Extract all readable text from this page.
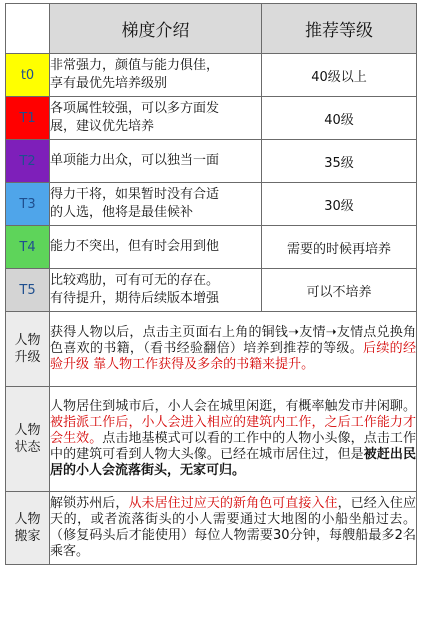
	梯度介绍	推荐等级
t0	非常强力，颜值与能力俱佳，
享有最优先培养级别	40级以上
T1	各项属性较强，可以多方面发
展，建议优先培养	40级
T2	单项能力出众，可以独当一面	35级
T3	得力干将，如果暂时没有合适
的人选，他将是最佳候补	30级
T4	能力不突出，但有时会用到他	需要的时候再培养
T5	比较鸡肋，可有可无的存在。
有待提升，期待后续版本增强	可以不培养
人物
升级	获得人物以后，点击主页面右上角的铜钱➝友情➝友情点兑换角色喜欢的书籍，（看书经验翻倍）培养到推荐的等级。后续的经验升级 靠人物工作获得及多余的书籍来提升。	
人物
状态	人物居住到城市后，小人会在城里闲逛，有概率触发市井闲聊。被指派工作后，小人会进入相应的建筑内工作，之后工作能力才会生效。点击地基模式可以看的工作中的人物小头像，点击工作中的建筑可看到人物大头像。已经在城市居住过，但是被赶出民居的小人会流落街头，无家可归。	
人物
搬家	解锁苏州后，从未居住过应天的新角色可直接入住，已经入住应天的，或者流落街头的小人需要通过大地图的小船坐船过去。（修复码头后才能使用）每位人物需要30分钟，每艘船最多2名乘客。	
